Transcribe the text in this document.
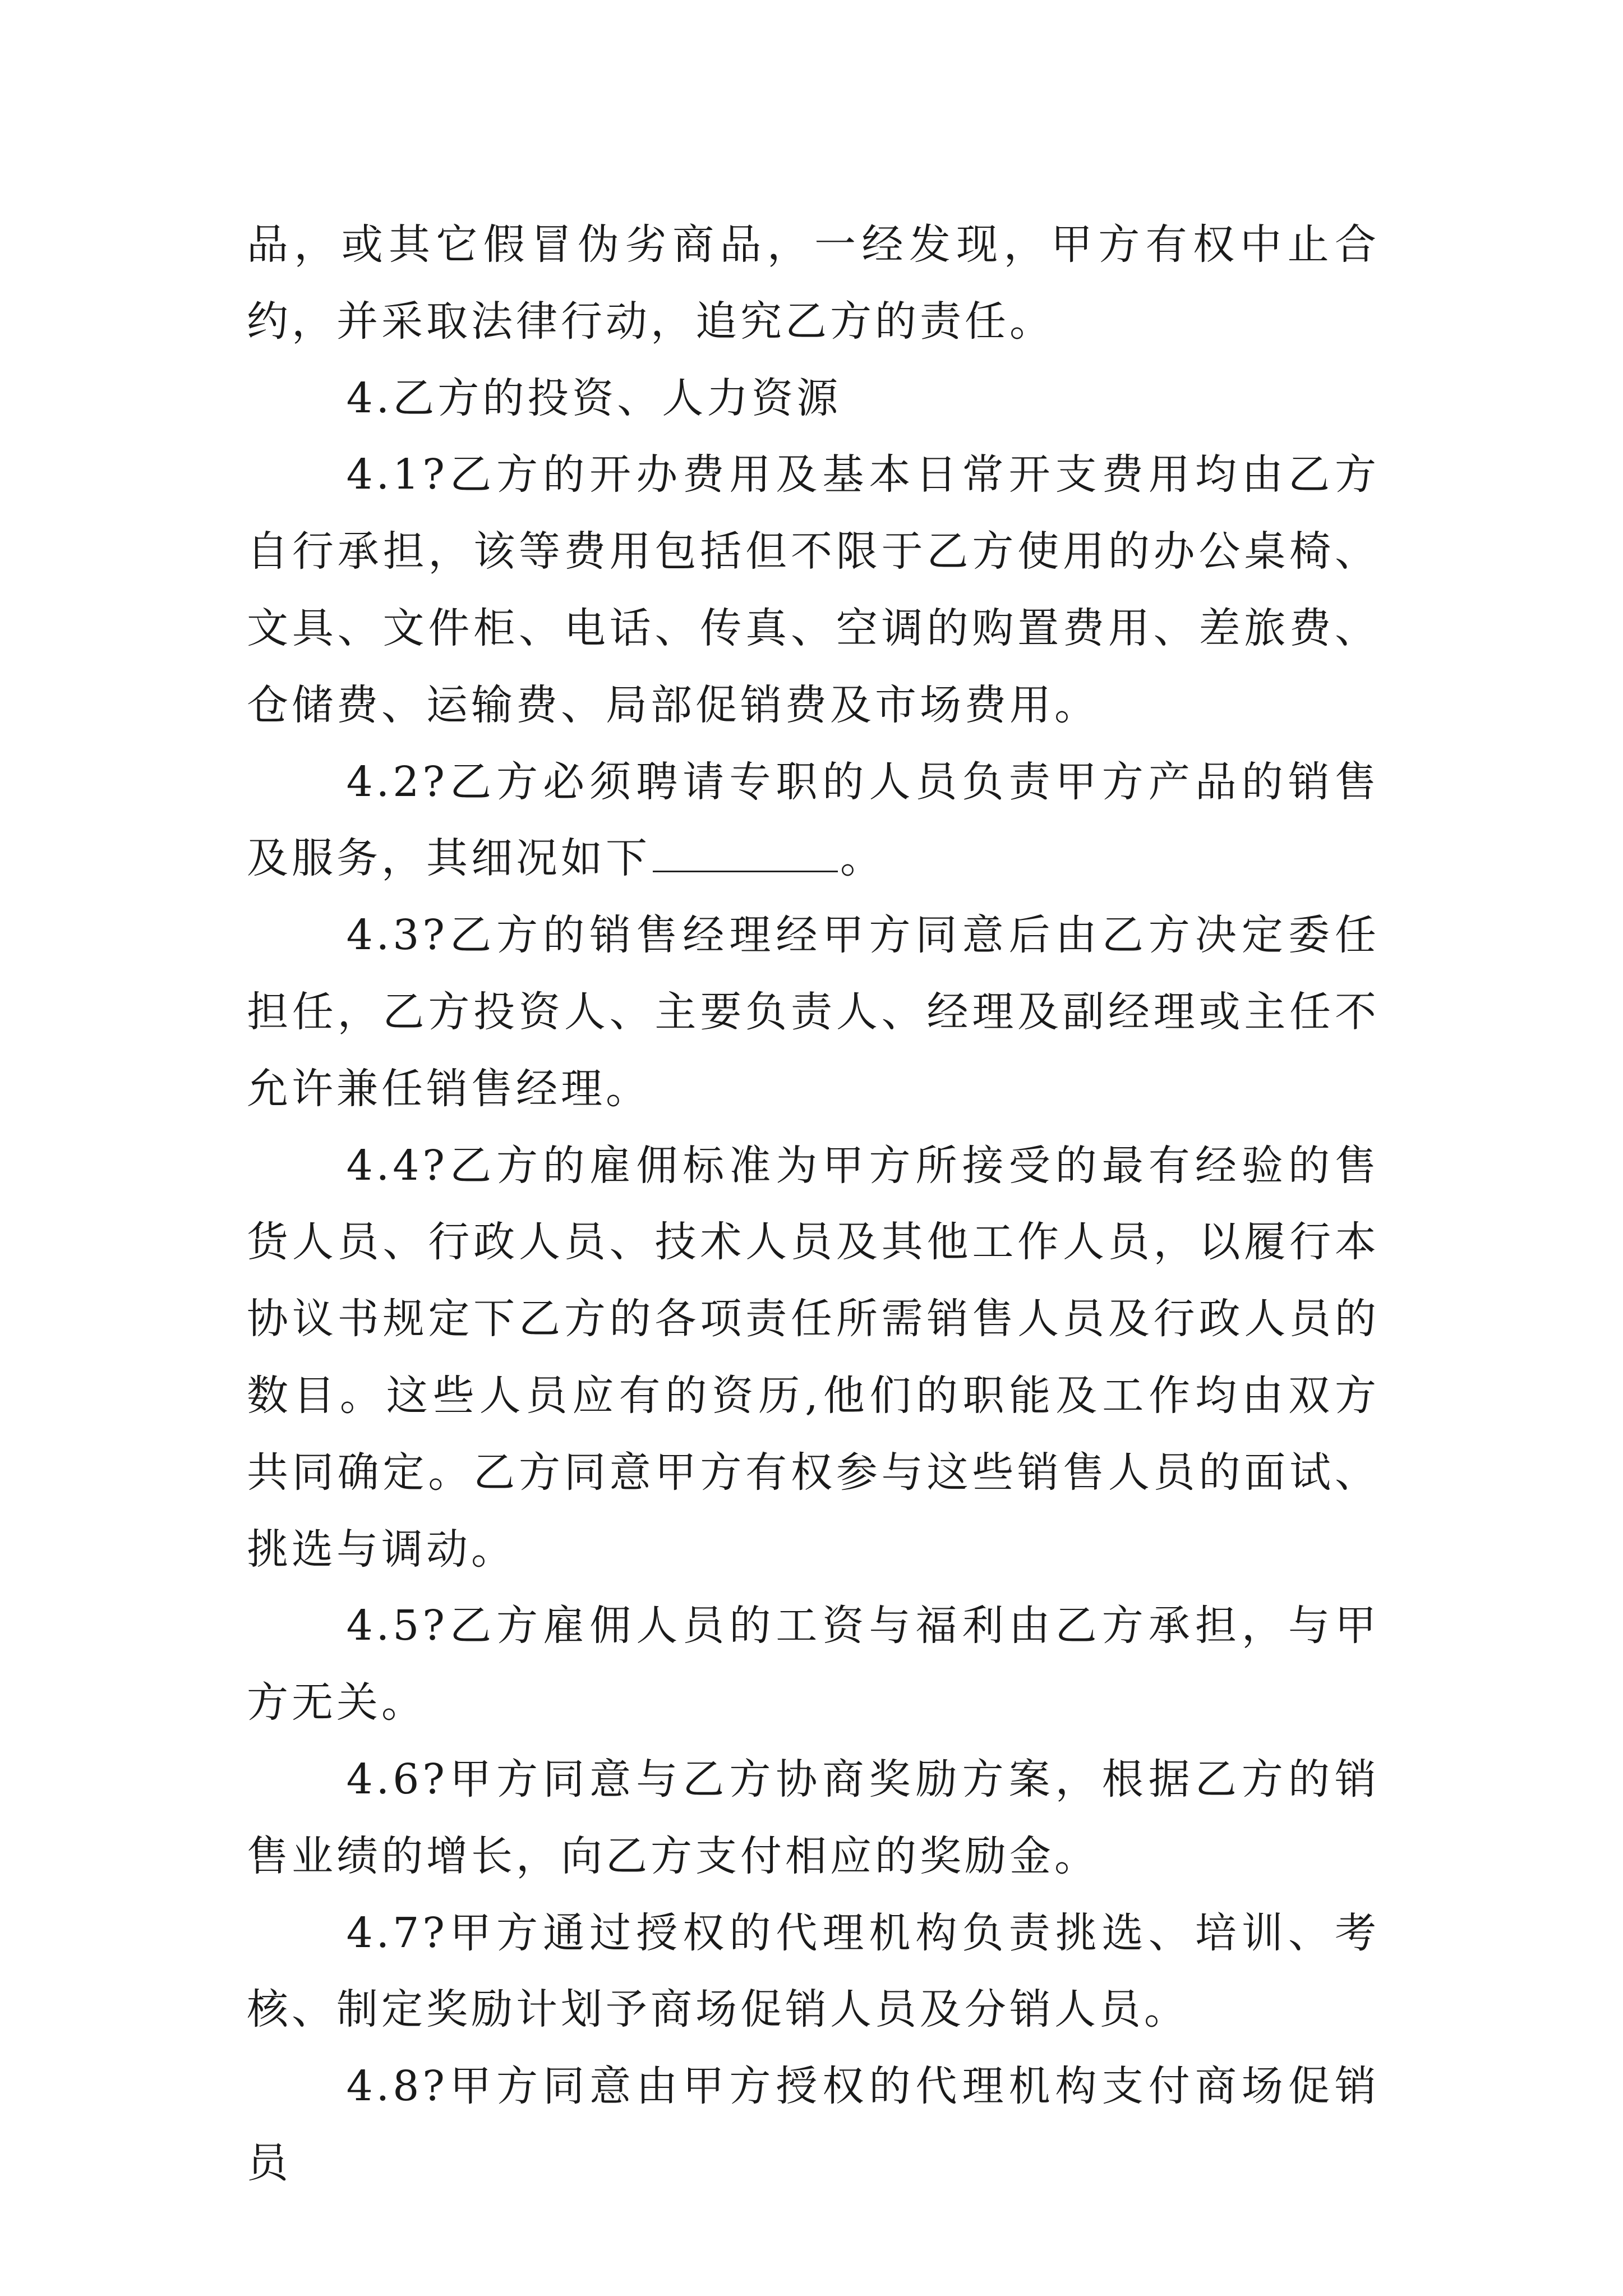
品，或其它假冒伪劣商品，一经发现，甲方有权中止合约，并采取法律行动，追究乙方的责任。

4.乙方的投资、人力资源

4.1?乙方的开办费用及基本日常开支费用均由乙方自行承担，该等费用包括但不限于乙方使用的办公桌椅、文具、文件柜、电话、传真、空调的购置费用、差旅费、仓储费、运输费、局部促销费及市场费用。

4.2?乙方必须聘请专职的人员负责甲方产品的销售及服务，其细况如下	。

4.3?乙方的销售经理经甲方同意后由乙方决定委任担任，乙方投资人、主要负责人、经理及副经理或主任不允许兼任销售经理。

4.4?乙方的雇佣标准为甲方所接受的最有经验的售货人员、行政人员、技术人员及其他工作人员，以履行本协议书规定下乙方的各项责任所需销售人员及行政人员的数目。这些人员应有的资历,他们的职能及工作均由双方共同确定。乙方同意甲方有权参与这些销售人员的面试、挑选与调动。

4.5?乙方雇佣人员的工资与福利由乙方承担，与甲方无关。

4.6?甲方同意与乙方协商奖励方案，根据乙方的销售业绩的增长，向乙方支付相应的奖励金。

4.7?甲方通过授权的代理机构负责挑选、培训、考核、制定奖励计划予商场促销人员及分销人员。

4.8?甲方同意由甲方授权的代理机构支付商场促销员
